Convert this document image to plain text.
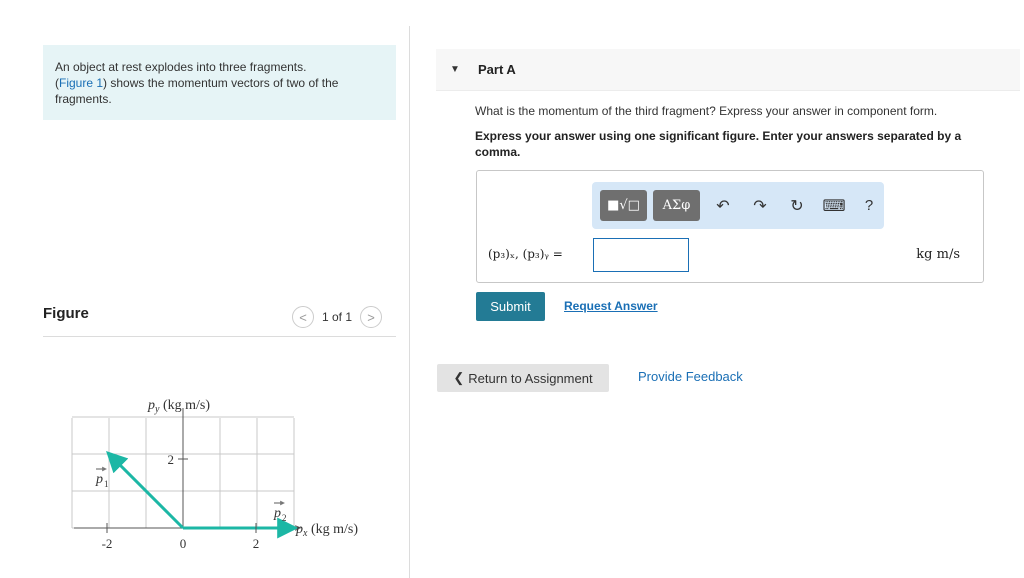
An object at rest explodes into three fragments.
(Figure 1) shows the momentum vectors of two of the fragments.
Figure	<	1 of 1	>
$p_y$ (kg m/s)
$p_x$ (kg m/s)
-2	0	2
2
p 1
p 2
▼	Part A
What is the momentum of the third fragment? Express your answer in component form.
Express your answer using one significant figure. Enter your answers separated by a comma.
■√□	ΑΣφ	↶	↷	↻	⌨	?
(p₃)ₓ, (p₃)ᵧ =	kg m/s
Submit	Request Answer
❮ Return to Assignment	Provide Feedback
